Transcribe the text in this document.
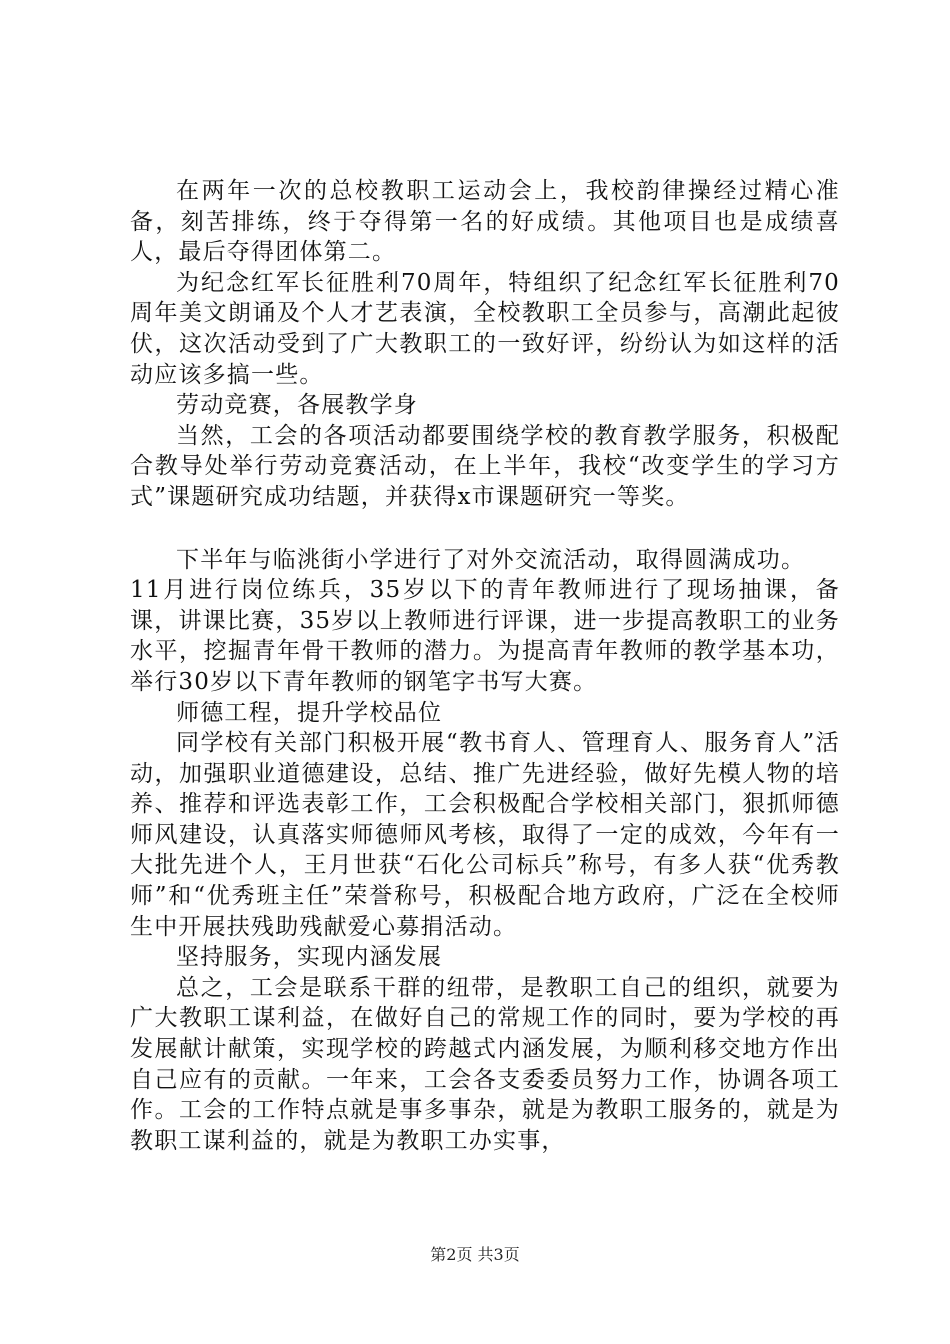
在两年一次的总校教职工运动会上，我校韵律操经过精心准备，刻苦排练，终于夺得第一名的好成绩。其他项目也是成绩喜人，最后夺得团体第二。

为纪念红军长征胜利70周年，特组织了纪念红军长征胜利70周年美文朗诵及个人才艺表演，全校教职工全员参与，高潮此起彼伏，这次活动受到了广大教职工的一致好评，纷纷认为如这样的活动应该多搞一些。

劳动竞赛，各展教学身

当然，工会的各项活动都要围绕学校的教育教学服务，积极配合教导处举行劳动竞赛活动，在上半年，我校“改变学生的学习方式”课题研究成功结题，并获得x市课题研究一等奖。

下半年与临洮街小学进行了对外交流活动，取得圆满成功。

11月进行岗位练兵，35岁以下的青年教师进行了现场抽课，备课，讲课比赛，35岁以上教师进行评课，进一步提高教职工的业务水平，挖掘青年骨干教师的潜力。为提高青年教师的教学基本功，举行30岁以下青年教师的钢笔字书写大赛。

师德工程，提升学校品位

同学校有关部门积极开展“教书育人、管理育人、服务育人”活动，加强职业道德建设，总结、推广先进经验，做好先模人物的培养、推荐和评选表彰工作，工会积极配合学校相关部门，狠抓师德师风建设，认真落实师德师风考核，取得了一定的成效，今年有一大批先进个人，王月世获“石化公司标兵”称号，有多人获“优秀教师”和“优秀班主任”荣誉称号，积极配合地方政府，广泛在全校师生中开展扶残助残献爱心募捐活动。

坚持服务，实现内涵发展

总之，工会是联系干群的纽带，是教职工自己的组织，就要为广大教职工谋利益，在做好自己的常规工作的同时，要为学校的再发展献计献策，实现学校的跨越式内涵发展，为顺利移交地方作出自己应有的贡献。一年来，工会各支委委员努力工作，协调各项工作。工会的工作特点就是事多事杂，就是为教职工服务的，就是为教职工谋利益的，就是为教职工办实事，

第2页 共3页
